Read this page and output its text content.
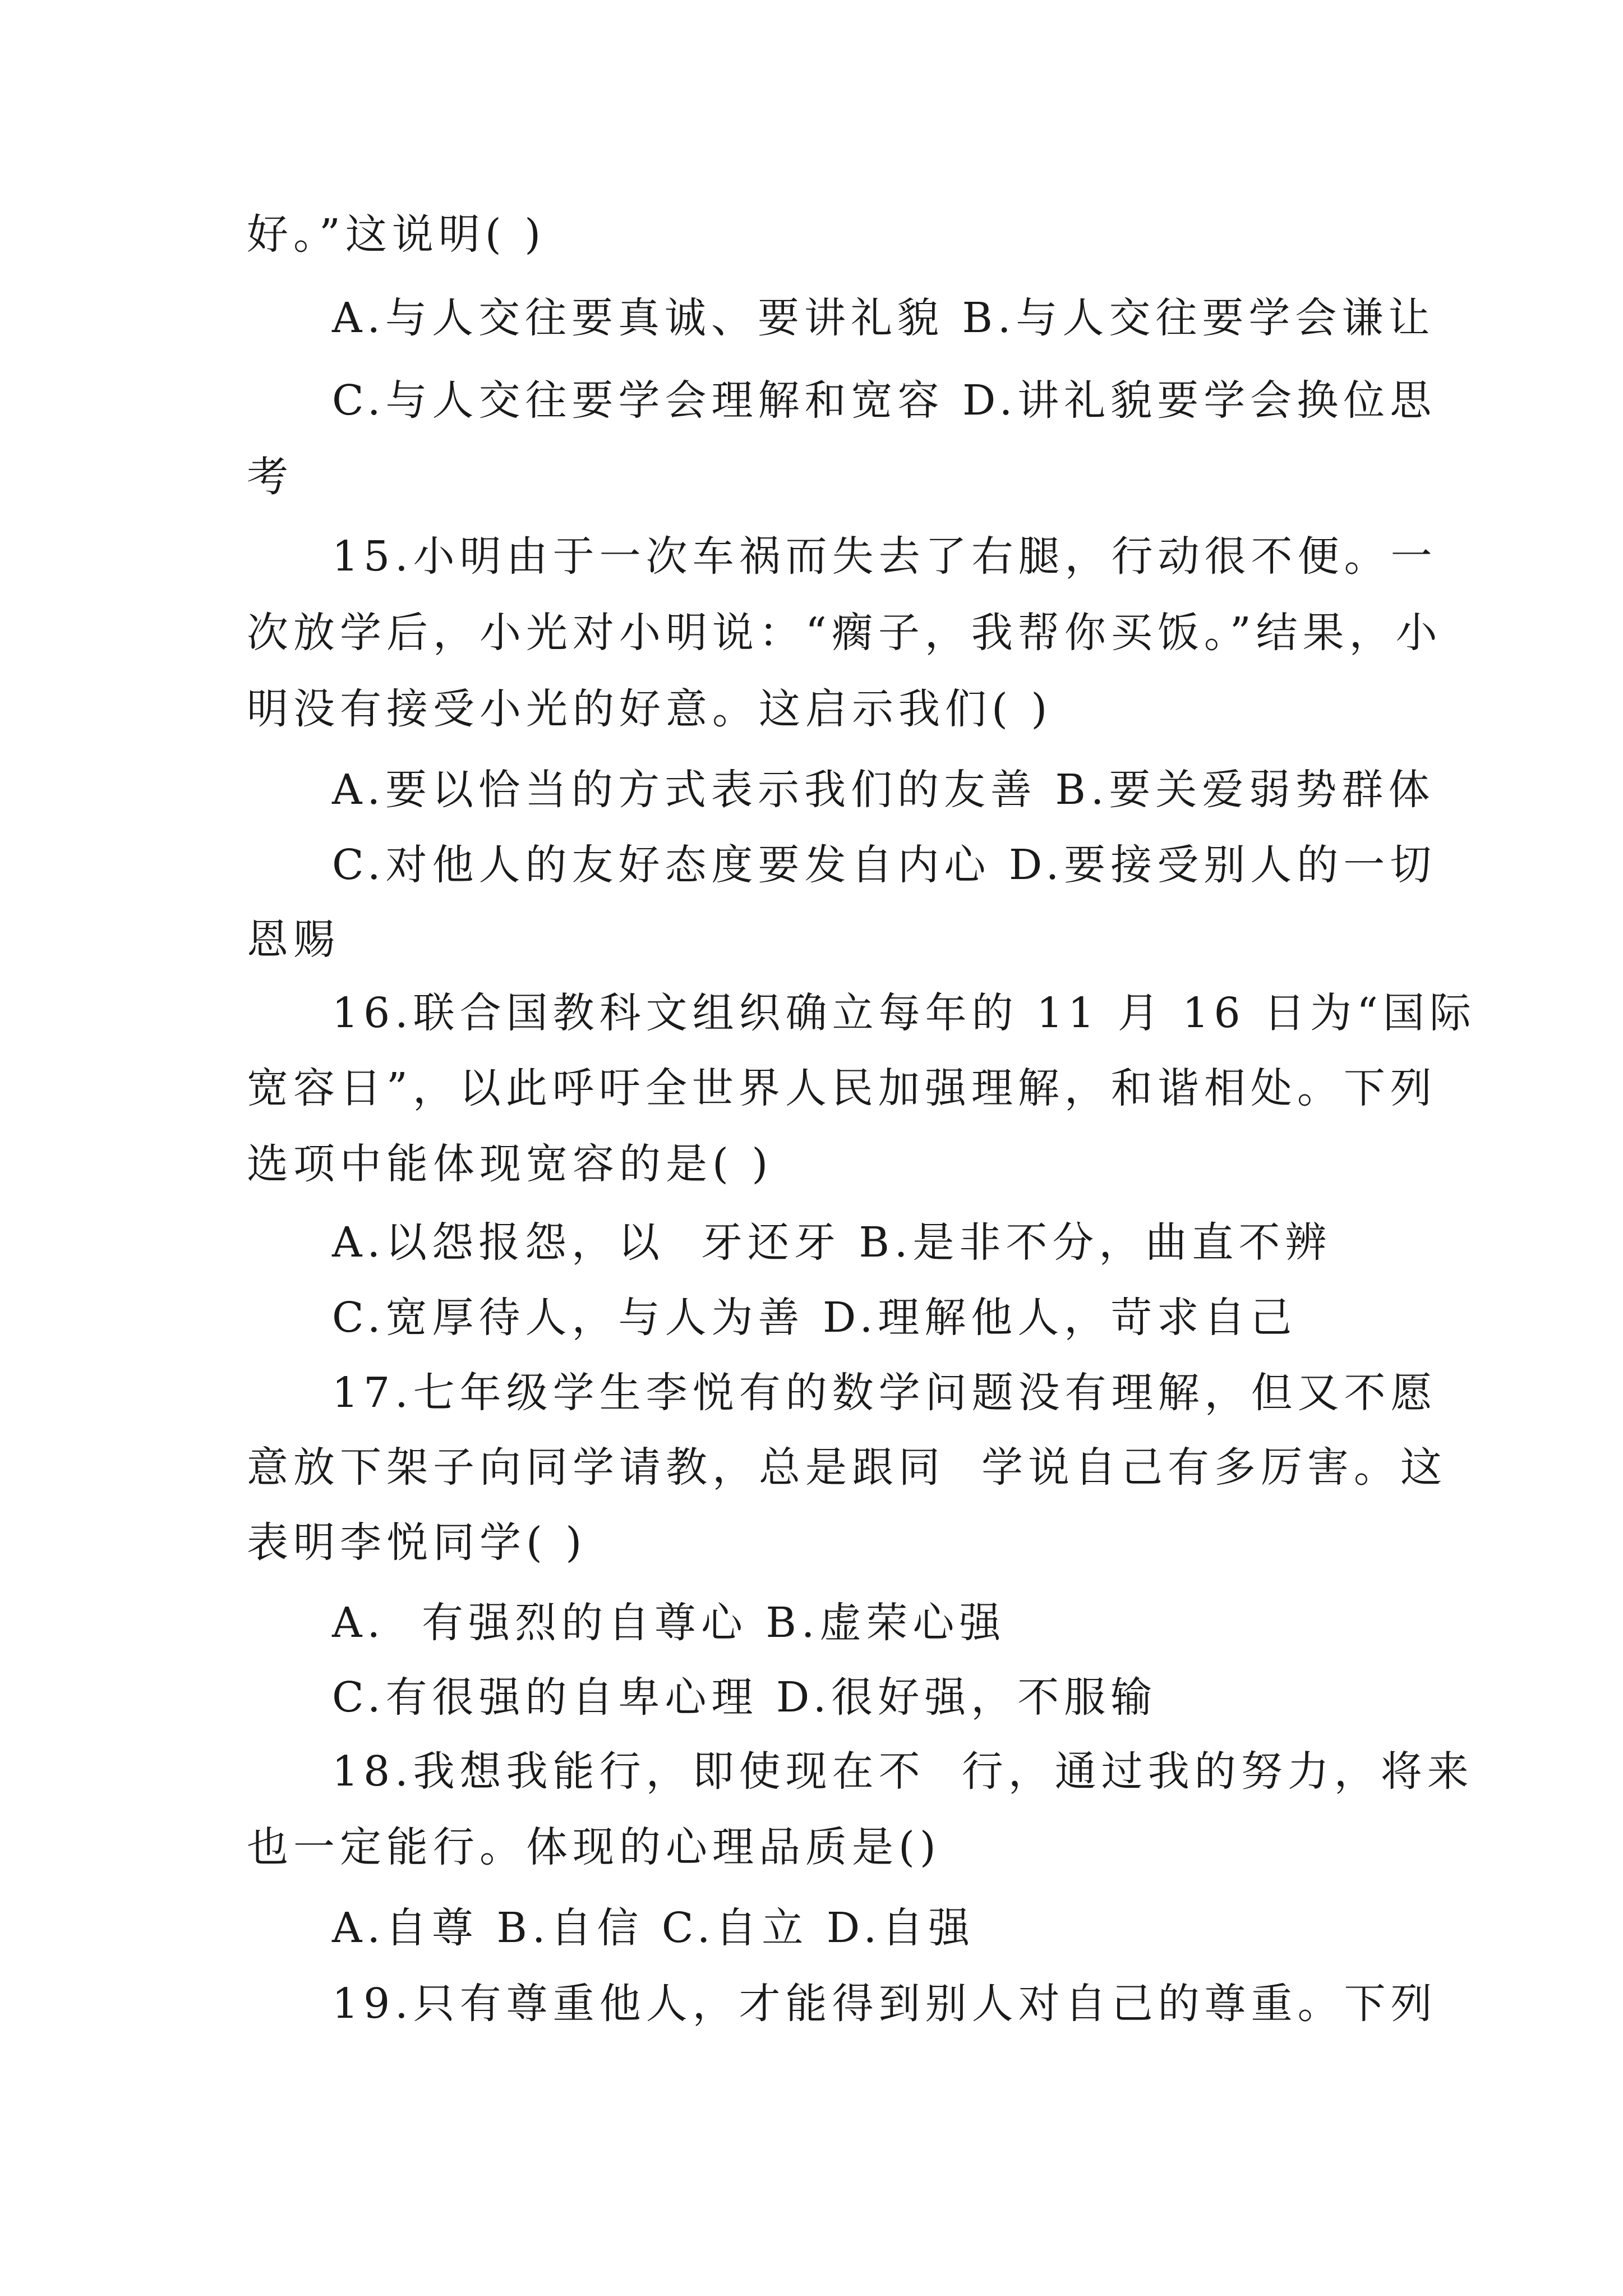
好。”这说明( )
A.与人交往要真诚、要讲礼貌 B.与人交往要学会谦让
C.与人交往要学会理解和宽容 D.讲礼貌要学会换位思
考
15.小明由于一次车祸而失去了右腿，行动很不便。一
次放学后，小光对小明说：“瘸子，我帮你买饭。”结果，小
明没有接受小光的好意。这启示我们( )
A.要以恰当的方式表示我们的友善 B.要关爱弱势群体
C.对他人的友好态度要发自内心 D.要接受别人的一切
恩赐
16.联合国教科文组织确立每年的 11 月 16 日为“国际
宽容日”，以此呼吁全世界人民加强理解，和谐相处。下列
选项中能体现宽容的是( )
A.以怨报怨，以  牙还牙 B.是非不分，曲直不辨
C.宽厚待人，与人为善 D.理解他人，苛求自己
17.七年级学生李悦有的数学问题没有理解，但又不愿
意放下架子向同学请教，总是跟同  学说自己有多厉害。这
表明李悦同学( )
A.  有强烈的自尊心 B.虚荣心强
C.有很强的自卑心理 D.很好强，不服输
18.我想我能行，即使现在不  行，通过我的努力，将来
也一定能行。体现的心理品质是()
A.自尊 B.自信 C.自立 D.自强
19.只有尊重他人，才能得到别人对自己的尊重。下列
